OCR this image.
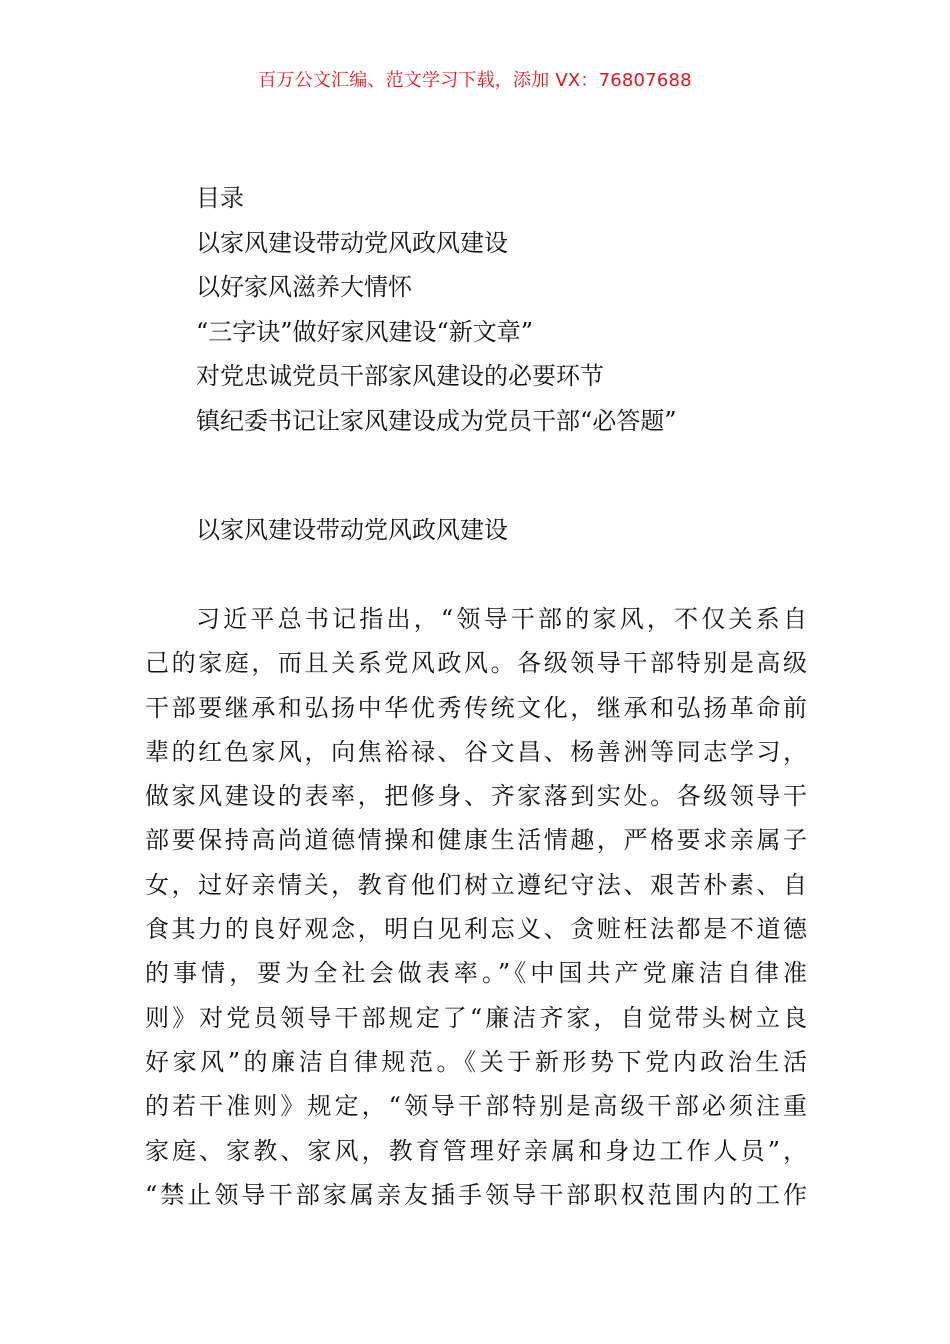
百万公文汇编、范文学习下载，添加 VX：76807688
目录
以家风建设带动党风政风建设
以好家风滋养大情怀
“三字诀”做好家风建设“新文章”
对党忠诚党员干部家风建设的必要环节
镇纪委书记让家风建设成为党员干部“必答题”
以家风建设带动党风政风建设
习近平总书记指出，“领导干部的家风，不仅关系自
己的家庭，而且关系党风政风。各级领导干部特别是高级
干部要继承和弘扬中华优秀传统文化，继承和弘扬革命前
辈的红色家风，向焦裕禄、谷文昌、杨善洲等同志学习，
做家风建设的表率，把修身、齐家落到实处。各级领导干
部要保持高尚道德情操和健康生活情趣，严格要求亲属子
女，过好亲情关，教育他们树立遵纪守法、艰苦朴素、自
食其力的良好观念，明白见利忘义、贪赃枉法都是不道德
的事情，要为全社会做表率。”《中国共产党廉洁自律准
则》对党员领导干部规定了“廉洁齐家，自觉带头树立良
好家风”的廉洁自律规范。《关于新形势下党内政治生活
的若干准则》规定，“领导干部特别是高级干部必须注重
家庭、家教、家风，教育管理好亲属和身边工作人员”，
“禁止领导干部家属亲友插手领导干部职权范围内的工作
